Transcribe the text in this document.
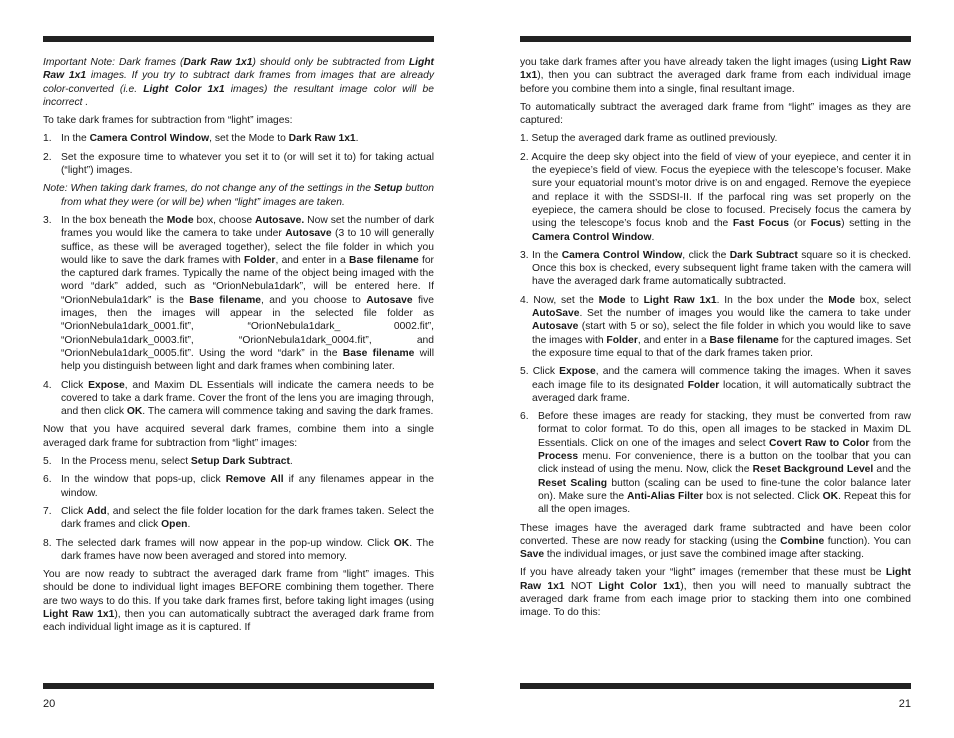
Important Note: Dark frames (Dark Raw 1x1) should only be subtracted from Light Raw 1x1 images. If you try to subtract dark frames from images that are already color-converted (i.e. Light Color 1x1 images) the resultant image color will be incorrect .

To take dark frames for subtraction from “light” images:

1. In the Camera Control Window, set the Mode to Dark Raw 1x1.
2. Set the exposure time to whatever you set it to (or will set it to) for taking actual (“light”) images.

Note: When taking dark frames, do not change any of the settings in the Setup button from what they were (or will be) when “light” images are taken.

3. In the box beneath the Mode box, choose Autosave. Now set the number of dark frames you would like the camera to take under Autosave (3 to 10 will generally suffice, as these will be averaged together), select the file folder in which you would like to save the dark frames with Folder, and enter in a Base filename for the captured dark frames. Typically the name of the object being imaged with the word “dark” added, such as “OrionNebula1dark”, will be entered here. If “OrionNebula1dark” is the Base filename, and you choose to Autosave five images, then the images will appear in the selected file folder as “OrionNebula1dark_0001.fit”, “OrionNebula1dark_ 0002.fit”, “OrionNebula1dark_0003.fit”, “OrionNebula1dark_0004.fit”, and “OrionNebula1dark_0005.fit”. Using the word “dark” in the Base filename will help you distinguish between light and dark frames when combining later.
4. Click Expose, and Maxim DL Essentials will indicate the camera needs to be covered to take a dark frame. Cover the front of the lens you are imaging through, and then click OK. The camera will commence taking and saving the dark frames.

Now that you have acquired several dark frames, combine them into a single averaged dark frame for subtraction from “light” images:

5. In the Process menu, select Setup Dark Subtract.
6. In the window that pops-up, click Remove All if any filenames appear in the window.
7. Click Add, and select the file folder location for the dark frames taken. Select the dark frames and click Open.

8. The selected dark frames will now appear in the pop-up window. Click OK. The dark frames have now been averaged and stored into memory.

You are now ready to subtract the averaged dark frame from “light” images. This should be done to individual light images BEFORE combining them together. There are two ways to do this. If you take dark frames first, before taking light images (using Light Raw 1x1), then you can automatically subtract the averaged dark frame from each individual light image as it is captured. If

20

you take dark frames after you have already taken the light images (using Light Raw 1x1), then you can subtract the averaged dark frame from each individual image before you combine them into a single, final resultant image.

To automatically subtract the averaged dark frame from “light” images as they are captured:

1. Setup the averaged dark frame as outlined previously.

2. Acquire the deep sky object into the field of view of your eyepiece, and center it in the eyepiece’s field of view. Focus the eyepiece with the telescope’s focuser. Make sure your equatorial mount’s motor drive is on and engaged. Remove the eyepiece and replace it with the SSDSI-II. If the parfocal ring was set properly on the eyepiece, the camera should be close to focused. Precisely focus the camera by using the telescope’s focus knob and the Fast Focus (or Focus) setting in the Camera Control Window.

3. In the Camera Control Window, click the Dark Subtract square so it is checked. Once this box is checked, every subsequent light frame taken with the camera will have the averaged dark frame automatically subtracted.

4. Now, set the Mode to Light Raw 1x1. In the box under the Mode box, select AutoSave. Set the number of images you would like the camera to take under Autosave (start with 5 or so), select the file folder in which you would like to save the images with Folder, and enter in a Base filename for the captured images. Set the exposure time equal to that of the dark frames taken prior.

5. Click Expose, and the camera will commence taking the images. When it saves each image file to its designated Folder location, it will automatically subtract the averaged dark frame.

6. Before these images are ready for stacking, they must be converted from raw format to color format. To do this, open all images to be stacked in Maxim DL Essentials. Click on one of the images and select Covert Raw to Color from the Process menu. For convenience, there is a button on the toolbar that you can click instead of using the menu. Now, click the Reset Background Level and the Reset Scaling button (scaling can be used to fine-tune the color balance later on). Make sure the Anti-Alias Filter box is not selected. Click OK. Repeat this for all the open images.

These images have the averaged dark frame subtracted and have been color converted. These are now ready for stacking (using the Combine function). You can Save the individual images, or just save the combined image after stacking.

If you have already taken your “light” images (remember that these must be Light Raw 1x1 NOT Light Color 1x1), then you will need to manually subtract the averaged dark frame from each image prior to stacking them into one combined image. To do this:

21
